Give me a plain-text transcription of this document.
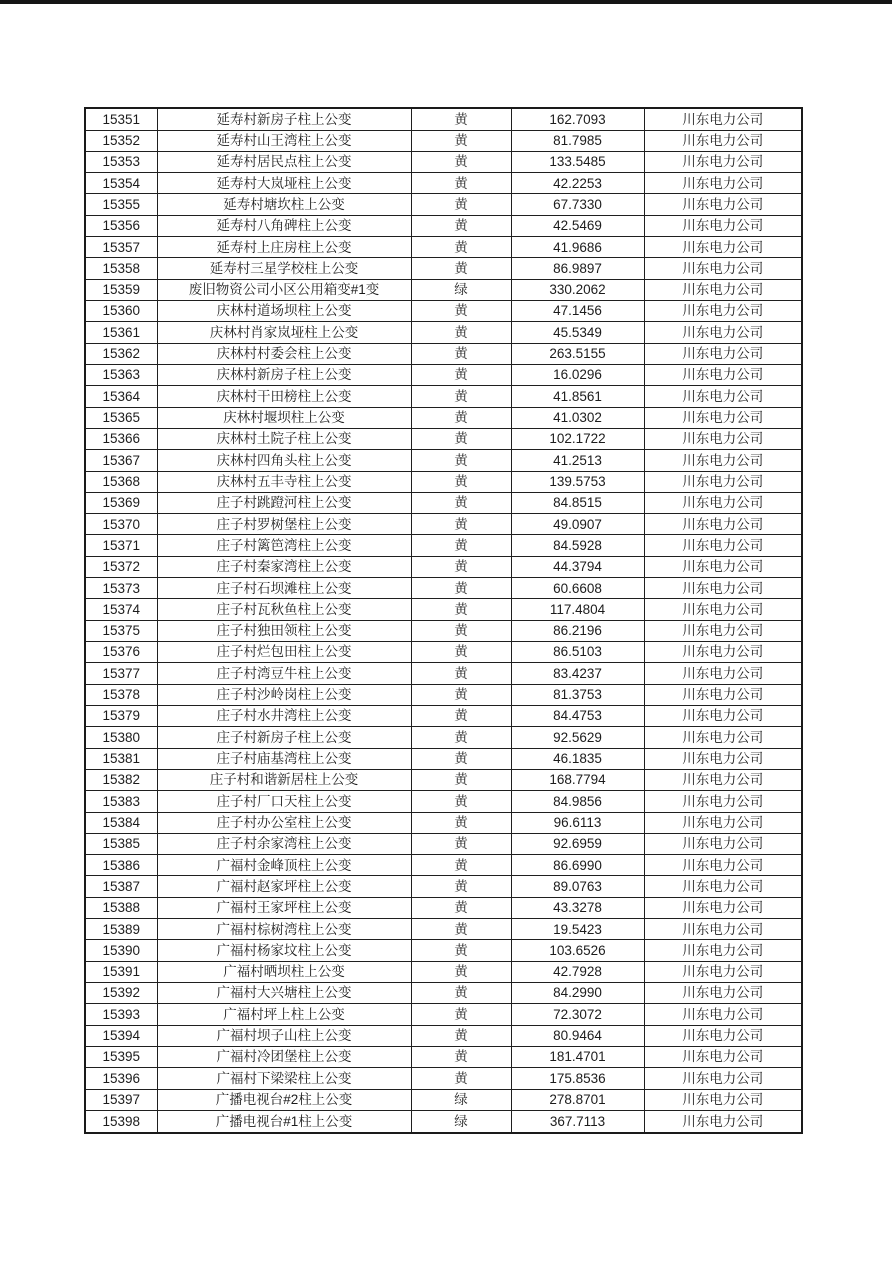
15351	延寿村新房子柱上公变	黄	162.7093	川东电力公司
15352	延寿村山王湾柱上公变	黄	81.7985	川东电力公司
15353	延寿村居民点柱上公变	黄	133.5485	川东电力公司
15354	延寿村大岚垭柱上公变	黄	42.2253	川东电力公司
15355	延寿村塘坎柱上公变	黄	67.7330	川东电力公司
15356	延寿村八角碑柱上公变	黄	42.5469	川东电力公司
15357	延寿村上庄房柱上公变	黄	41.9686	川东电力公司
15358	延寿村三星学校柱上公变	黄	86.9897	川东电力公司
15359	废旧物资公司小区公用箱变#1变	绿	330.2062	川东电力公司
15360	庆林村道场坝柱上公变	黄	47.1456	川东电力公司
15361	庆林村肖家岚垭柱上公变	黄	45.5349	川东电力公司
15362	庆林村村委会柱上公变	黄	263.5155	川东电力公司
15363	庆林村新房子柱上公变	黄	16.0296	川东电力公司
15364	庆林村干田榜柱上公变	黄	41.8561	川东电力公司
15365	庆林村堰坝柱上公变	黄	41.0302	川东电力公司
15366	庆林村土院子柱上公变	黄	102.1722	川东电力公司
15367	庆林村四角头柱上公变	黄	41.2513	川东电力公司
15368	庆林村五丰寺柱上公变	黄	139.5753	川东电力公司
15369	庄子村跳蹬河柱上公变	黄	84.8515	川东电力公司
15370	庄子村罗树堡柱上公变	黄	49.0907	川东电力公司
15371	庄子村篱笆湾柱上公变	黄	84.5928	川东电力公司
15372	庄子村秦家湾柱上公变	黄	44.3794	川东电力公司
15373	庄子村石坝滩柱上公变	黄	60.6608	川东电力公司
15374	庄子村瓦秋鱼柱上公变	黄	117.4804	川东电力公司
15375	庄子村独田领柱上公变	黄	86.2196	川东电力公司
15376	庄子村烂包田柱上公变	黄	86.5103	川东电力公司
15377	庄子村湾豆牛柱上公变	黄	83.4237	川东电力公司
15378	庄子村沙岭岗柱上公变	黄	81.3753	川东电力公司
15379	庄子村水井湾柱上公变	黄	84.4753	川东电力公司
15380	庄子村新房子柱上公变	黄	92.5629	川东电力公司
15381	庄子村庙基湾柱上公变	黄	46.1835	川东电力公司
15382	庄子村和谐新居柱上公变	黄	168.7794	川东电力公司
15383	庄子村厂口天柱上公变	黄	84.9856	川东电力公司
15384	庄子村办公室柱上公变	黄	96.6113	川东电力公司
15385	庄子村余家湾柱上公变	黄	92.6959	川东电力公司
15386	广福村金峰顶柱上公变	黄	86.6990	川东电力公司
15387	广福村赵家坪柱上公变	黄	89.0763	川东电力公司
15388	广福村王家坪柱上公变	黄	43.3278	川东电力公司
15389	广福村棕树湾柱上公变	黄	19.5423	川东电力公司
15390	广福村杨家坟柱上公变	黄	103.6526	川东电力公司
15391	广福村晒坝柱上公变	黄	42.7928	川东电力公司
15392	广福村大兴塘柱上公变	黄	84.2990	川东电力公司
15393	广福村坪上柱上公变	黄	72.3072	川东电力公司
15394	广福村坝子山柱上公变	黄	80.9464	川东电力公司
15395	广福村冷团堡柱上公变	黄	181.4701	川东电力公司
15396	广福村下梁梁柱上公变	黄	175.8536	川东电力公司
15397	广播电视台#2柱上公变	绿	278.8701	川东电力公司
15398	广播电视台#1柱上公变	绿	367.7113	川东电力公司
